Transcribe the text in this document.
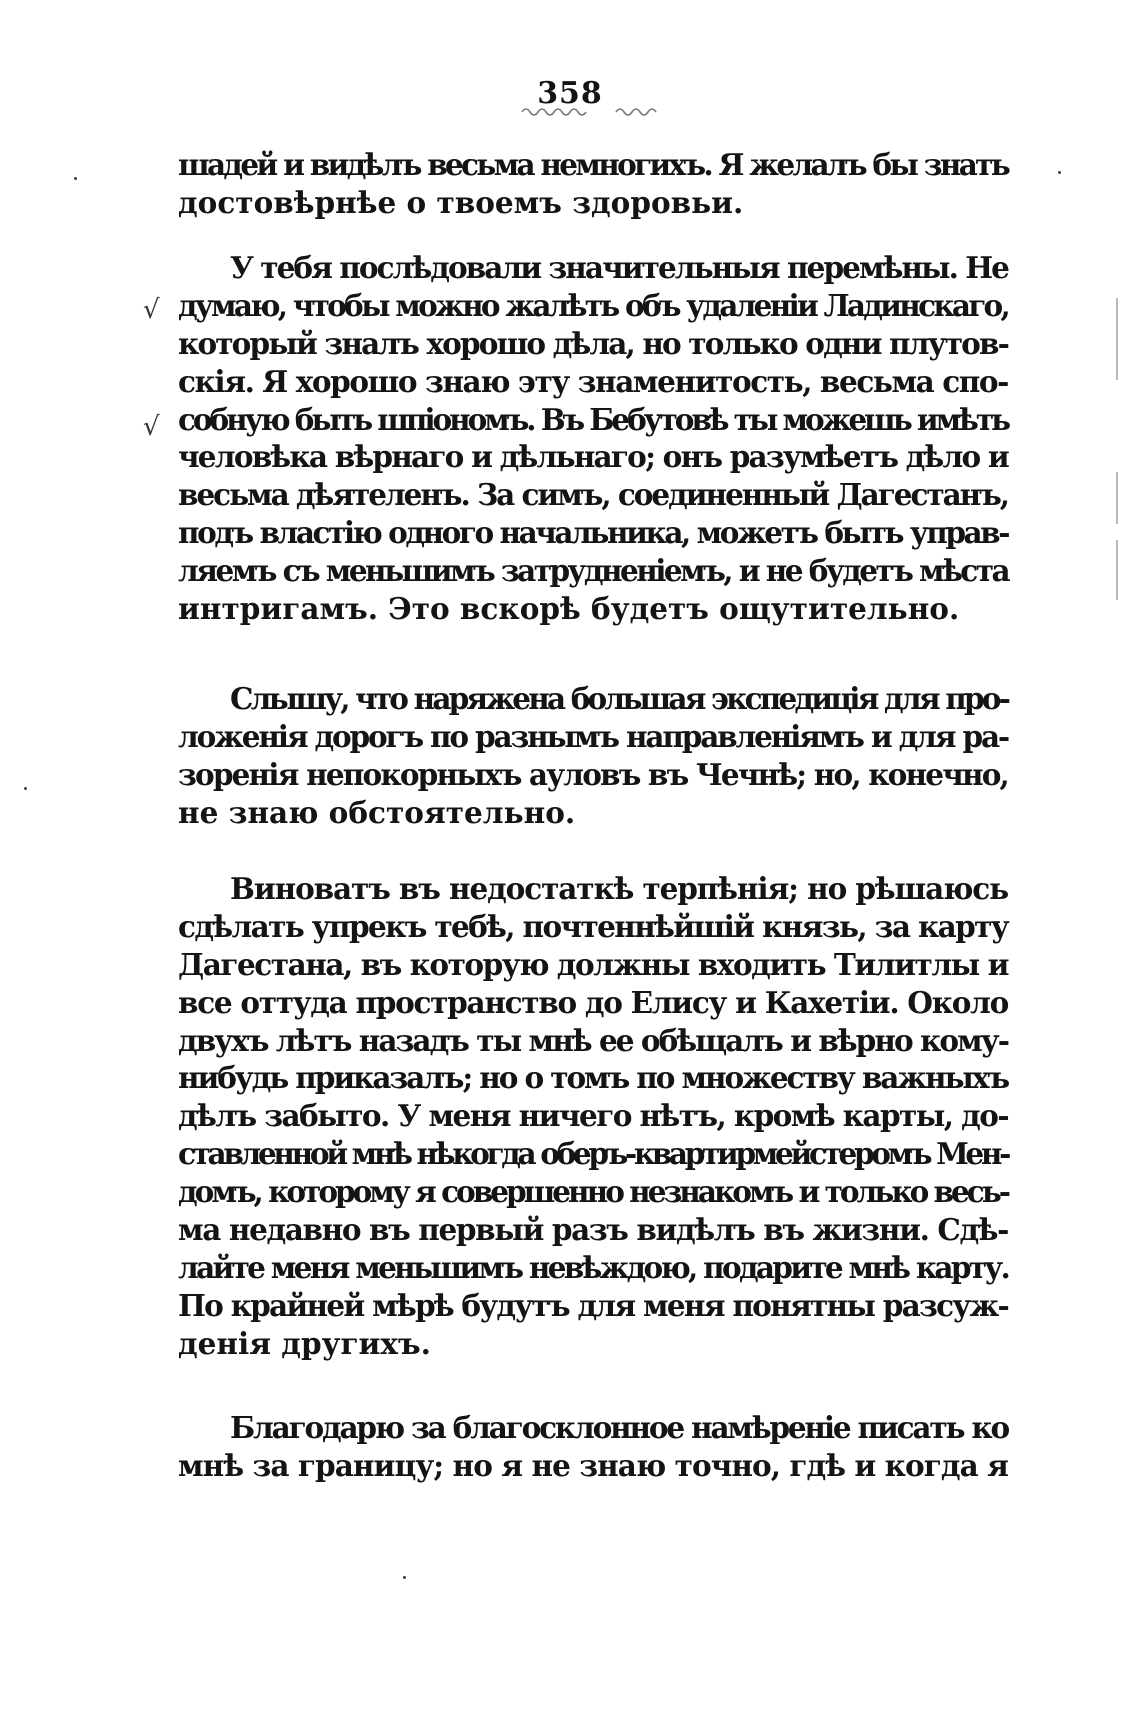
358
√
√
шадей и видѣлъ весьма немногихъ. Я желалъ бы знать
достовѣрнѣе о твоемъ здоровьи.
У тебя послѣдовали значительныя перемѣны. Не
думаю, чтобы можно жалѣть объ удаленіи Ладинскаго,
который зналъ хорошо дѣла, но только одни плутов-
скія. Я хорошо знаю эту знаменитость, весьма спо-
собную быть шпіономъ. Въ Бебутовѣ ты можешь имѣть
человѣка вѣрнаго и дѣльнаго; онъ разумѣетъ дѣло и
весьма дѣятеленъ. За симъ, соединенный Дагестанъ,
подъ властію одного начальника, можетъ быть управ-
ляемъ съ меньшимъ затрудненіемъ, и не будетъ мѣста
интригамъ. Это вскорѣ будетъ ощутительно.
Слышу, что наряжена большая экспедиція для про-
ложенія дорогъ по разнымъ направленіямъ и для ра-
зоренія непокорныхъ ауловъ въ Чечнѣ; но, конечно,
не знаю обстоятельно.
Виноватъ въ недостаткѣ терпѣнія; но рѣшаюсь
сдѣлать упрекъ тебѣ, почтеннѣйшій князь, за карту
Дагестана, въ которую должны входить Тилитлы и
все оттуда пространство до Елису и Кахетіи. Около
двухъ лѣтъ назадъ ты мнѣ ее обѣщалъ и вѣрно кому-
нибудь приказалъ; но о томъ по множеству важныхъ
дѣлъ забыто. У меня ничего нѣтъ, кромѣ карты, до-
ставленной мнѣ нѣкогда оберъ-квартирмейстеромъ Мен-
домъ, которому я совершенно незнакомъ и только весь-
ма недавно въ первый разъ видѣлъ въ жизни. Сдѣ-
лайте меня меньшимъ невѣждою, подарите мнѣ карту.
По крайней мѣрѣ будутъ для меня понятны разсуж-
денія другихъ.
Благодарю за благосклонное намѣреніе писать ко
мнѣ за границу; но я не знаю точно, гдѣ и когда я
